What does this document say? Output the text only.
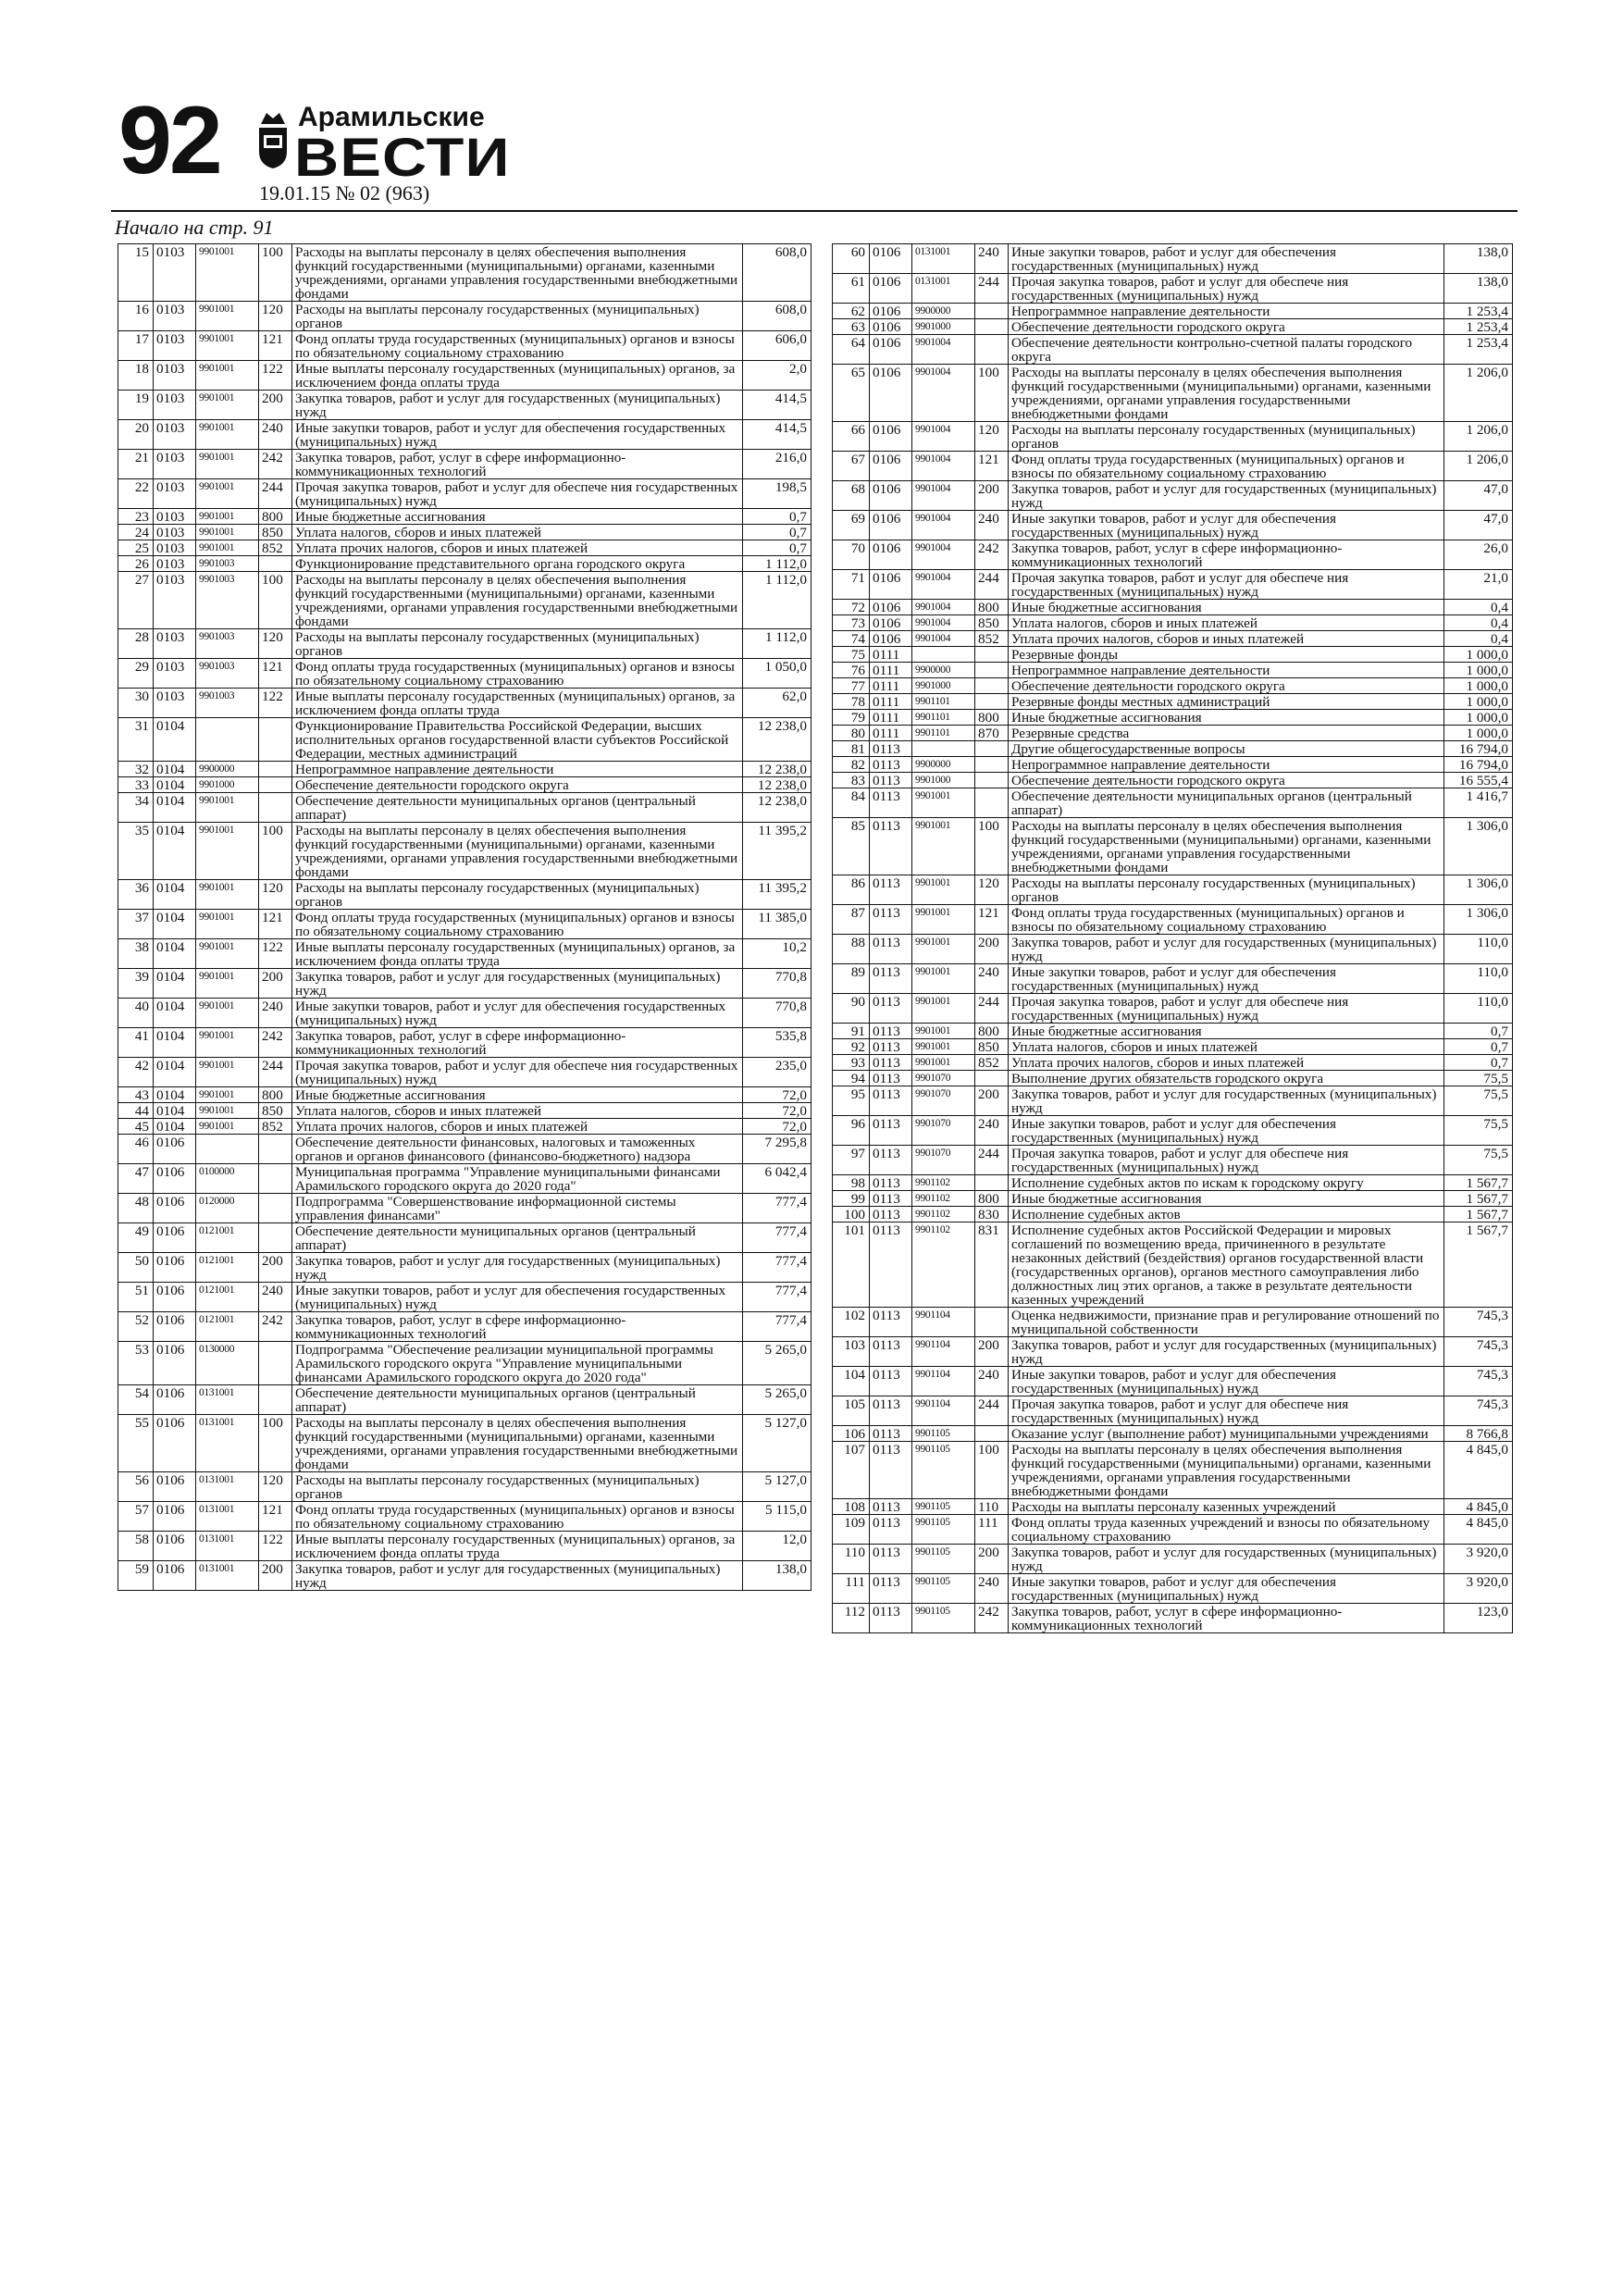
92	Арамильские
ВЕСТИ
19.01.15 № 02 (963)
Начало на стр. 91
15	0103	9901001	100	Расходы на выплаты персоналу в целях обеспечения выполнения функций государственными (муниципальными) органами, казенными учреждениями, органами управления государственными внебюджетными фондами	608,0
16	0103	9901001	120	Расходы на выплаты персоналу государственных (муниципальных) органов	608,0
17	0103	9901001	121	Фонд оплаты труда государственных (муниципальных) органов и взносы по обязательному социальному страхованию	606,0
18	0103	9901001	122	Иные выплаты персоналу государственных (муниципальных) органов, за исключением фонда оплаты труда	2,0
19	0103	9901001	200	Закупка товаров, работ и услуг для государственных (муниципальных) нужд	414,5
20	0103	9901001	240	Иные закупки товаров, работ и услуг для обеспечения государственных (муниципальных) нужд	414,5
21	0103	9901001	242	Закупка товаров, работ, услуг в сфере информационно-коммуникационных технологий	216,0
22	0103	9901001	244	Прочая закупка товаров, работ и услуг для обеспече ния государственных (муниципальных) нужд	198,5
23	0103	9901001	800	Иные бюджетные ассигнования	0,7
24	0103	9901001	850	Уплата налогов, сборов и иных платежей	0,7
25	0103	9901001	852	Уплата прочих налогов, сборов и иных платежей	0,7
26	0103	9901003		Функционирование представительного органа городского округа	1 112,0
27	0103	9901003	100	Расходы на выплаты персоналу в целях обеспечения выполнения функций государственными (муниципальными) органами, казенными учреждениями, органами управления государственными внебюджетными фондами	1 112,0
28	0103	9901003	120	Расходы на выплаты персоналу государственных (муниципальных) органов	1 112,0
29	0103	9901003	121	Фонд оплаты труда государственных (муниципальных) органов и взносы по обязательному социальному страхованию	1 050,0
30	0103	9901003	122	Иные выплаты персоналу государственных (муниципальных) органов, за исключением фонда оплаты труда	62,0
31	0104			Функционирование Правительства Российской Федерации, высших исполнительных органов государственной власти субъектов Российской Федерации, местных администраций	12 238,0
32	0104	9900000		Непрограммное направление деятельности	12 238,0
33	0104	9901000		Обеспечение деятельности городского округа	12 238,0
34	0104	9901001		Обеспечение деятельности муниципальных органов (центральный аппарат)	12 238,0
35	0104	9901001	100	Расходы на выплаты персоналу в целях обеспечения выполнения функций государственными (муниципальными) органами, казенными учреждениями, органами управления государственными внебюджетными фондами	11 395,2
36	0104	9901001	120	Расходы на выплаты персоналу государственных (муниципальных) органов	11 395,2
37	0104	9901001	121	Фонд оплаты труда государственных (муниципальных) органов и взносы по обязательному социальному страхованию	11 385,0
38	0104	9901001	122	Иные выплаты персоналу государственных (муниципальных) органов, за исключением фонда оплаты труда	10,2
39	0104	9901001	200	Закупка товаров, работ и услуг для государственных (муниципальных) нужд	770,8
40	0104	9901001	240	Иные закупки товаров, работ и услуг для обеспечения государственных (муниципальных) нужд	770,8
41	0104	9901001	242	Закупка товаров, работ, услуг в сфере информационно-коммуникационных технологий	535,8
42	0104	9901001	244	Прочая закупка товаров, работ и услуг для обеспече ния государственных (муниципальных) нужд	235,0
43	0104	9901001	800	Иные бюджетные ассигнования	72,0
44	0104	9901001	850	Уплата налогов, сборов и иных платежей	72,0
45	0104	9901001	852	Уплата прочих налогов, сборов и иных платежей	72,0
46	0106			Обеспечение деятельности финансовых, налоговых и таможенных органов и органов финансового (финансово-бюджетного) надзора	7 295,8
47	0106	0100000		Муниципальная программа "Управление муниципальными финансами Арамильского городского округа до 2020 года"	6 042,4
48	0106	0120000		Подпрограмма "Совершенствование информационной системы управления финансами"	777,4
49	0106	0121001		Обеспечение деятельности муниципальных органов (центральный аппарат)	777,4
50	0106	0121001	200	Закупка товаров, работ и услуг для государственных (муниципальных) нужд	777,4
51	0106	0121001	240	Иные закупки товаров, работ и услуг для обеспечения государственных (муниципальных) нужд	777,4
52	0106	0121001	242	Закупка товаров, работ, услуг в сфере информационно-коммуникационных технологий	777,4
53	0106	0130000		Подпрограмма "Обеспечение реализации муниципальной программы Арамильского городского округа "Управление муниципальными финансами Арамильского городского округа до 2020 года"	5 265,0
54	0106	0131001		Обеспечение деятельности муниципальных органов (центральный аппарат)	5 265,0
55	0106	0131001	100	Расходы на выплаты персоналу в целях обеспечения выполнения функций государственными (муниципальными) органами, казенными учреждениями, органами управления государственными внебюджетными фондами	5 127,0
56	0106	0131001	120	Расходы на выплаты персоналу государственных (муниципальных) органов	5 127,0
57	0106	0131001	121	Фонд оплаты труда государственных (муниципальных) органов и взносы по обязательному социальному страхованию	5 115,0
58	0106	0131001	122	Иные выплаты персоналу государственных (муниципальных) органов, за исключением фонда оплаты труда	12,0
59	0106	0131001	200	Закупка товаров, работ и услуг для государственных (муниципальных) нужд	138,0
60	0106	0131001	240	Иные закупки товаров, работ и услуг для обеспечения государственных (муниципальных) нужд	138,0
61	0106	0131001	244	Прочая закупка товаров, работ и услуг для обеспече ния государственных (муниципальных) нужд	138,0
62	0106	9900000		Непрограммное направление деятельности	1 253,4
63	0106	9901000		Обеспечение деятельности городского округа	1 253,4
64	0106	9901004		Обеспечение деятельности контрольно-счетной палаты городского округа	1 253,4
65	0106	9901004	100	Расходы на выплаты персоналу в целях обеспечения выполнения функций государственными (муниципальными) органами, казенными учреждениями, органами управления государственными внебюджетными фондами	1 206,0
66	0106	9901004	120	Расходы на выплаты персоналу государственных (муниципальных) органов	1 206,0
67	0106	9901004	121	Фонд оплаты труда государственных (муниципальных) органов и взносы по обязательному социальному страхованию	1 206,0
68	0106	9901004	200	Закупка товаров, работ и услуг для государственных (муниципальных) нужд	47,0
69	0106	9901004	240	Иные закупки товаров, работ и услуг для обеспечения государственных (муниципальных) нужд	47,0
70	0106	9901004	242	Закупка товаров, работ, услуг в сфере информационно-коммуникационных технологий	26,0
71	0106	9901004	244	Прочая закупка товаров, работ и услуг для обеспече ния государственных (муниципальных) нужд	21,0
72	0106	9901004	800	Иные бюджетные ассигнования	0,4
73	0106	9901004	850	Уплата налогов, сборов и иных платежей	0,4
74	0106	9901004	852	Уплата прочих налогов, сборов и иных платежей	0,4
75	0111			Резервные фонды	1 000,0
76	0111	9900000		Непрограммное направление деятельности	1 000,0
77	0111	9901000		Обеспечение деятельности городского округа	1 000,0
78	0111	9901101		Резервные фонды местных администраций	1 000,0
79	0111	9901101	800	Иные бюджетные ассигнования	1 000,0
80	0111	9901101	870	Резервные средства	1 000,0
81	0113			Другие общегосударственные вопросы	16 794,0
82	0113	9900000		Непрограммное направление деятельности	16 794,0
83	0113	9901000		Обеспечение деятельности городского округа	16 555,4
84	0113	9901001		Обеспечение деятельности муниципальных органов (центральный аппарат)	1 416,7
85	0113	9901001	100	Расходы на выплаты персоналу в целях обеспечения выполнения функций государственными (муниципальными) органами, казенными учреждениями, органами управления государственными внебюджетными фондами	1 306,0
86	0113	9901001	120	Расходы на выплаты персоналу государственных (муниципальных) органов	1 306,0
87	0113	9901001	121	Фонд оплаты труда государственных (муниципальных) органов и взносы по обязательному социальному страхованию	1 306,0
88	0113	9901001	200	Закупка товаров, работ и услуг для государственных (муниципальных) нужд	110,0
89	0113	9901001	240	Иные закупки товаров, работ и услуг для обеспечения государственных (муниципальных) нужд	110,0
90	0113	9901001	244	Прочая закупка товаров, работ и услуг для обеспече ния государственных (муниципальных) нужд	110,0
91	0113	9901001	800	Иные бюджетные ассигнования	0,7
92	0113	9901001	850	Уплата налогов, сборов и иных платежей	0,7
93	0113	9901001	852	Уплата прочих налогов, сборов и иных платежей	0,7
94	0113	9901070		Выполнение других обязательств городского округа	75,5
95	0113	9901070	200	Закупка товаров, работ и услуг для государственных (муниципальных) нужд	75,5
96	0113	9901070	240	Иные закупки товаров, работ и услуг для обеспечения государственных (муниципальных) нужд	75,5
97	0113	9901070	244	Прочая закупка товаров, работ и услуг для обеспече ния государственных (муниципальных) нужд	75,5
98	0113	9901102		Исполнение судебных актов по искам к городскому округу	1 567,7
99	0113	9901102	800	Иные бюджетные ассигнования	1 567,7
100	0113	9901102	830	Исполнение судебных актов	1 567,7
101	0113	9901102	831	Исполнение судебных актов Российской Федерации и мировых соглашений по возмещению вреда, причиненного в результате незаконных действий (бездействия) органов государственной власти (государственных органов), органов местного самоуправления либо должностных лиц этих органов, а также в результате деятельности казенных учреждений	1 567,7
102	0113	9901104		Оценка недвижимости, признание прав и регулирование отношений по муниципальной собственности	745,3
103	0113	9901104	200	Закупка товаров, работ и услуг для государственных (муниципальных) нужд	745,3
104	0113	9901104	240	Иные закупки товаров, работ и услуг для обеспечения государственных (муниципальных) нужд	745,3
105	0113	9901104	244	Прочая закупка товаров, работ и услуг для обеспече ния государственных (муниципальных) нужд	745,3
106	0113	9901105		Оказание услуг (выполнение работ) муниципальными учреждениями	8 766,8
107	0113	9901105	100	Расходы на выплаты персоналу в целях обеспечения выполнения функций государственными (муниципальными) органами, казенными учреждениями, органами управления государственными внебюджетными фондами	4 845,0
108	0113	9901105	110	Расходы на выплаты персоналу казенных учреждений	4 845,0
109	0113	9901105	111	Фонд оплаты труда казенных учреждений и взносы по обязательному социальному страхованию	4 845,0
110	0113	9901105	200	Закупка товаров, работ и услуг для государственных (муниципальных) нужд	3 920,0
111	0113	9901105	240	Иные закупки товаров, работ и услуг для обеспечения государственных (муниципальных) нужд	3 920,0
112	0113	9901105	242	Закупка товаров, работ, услуг в сфере информационно-коммуникационных технологий	123,0
